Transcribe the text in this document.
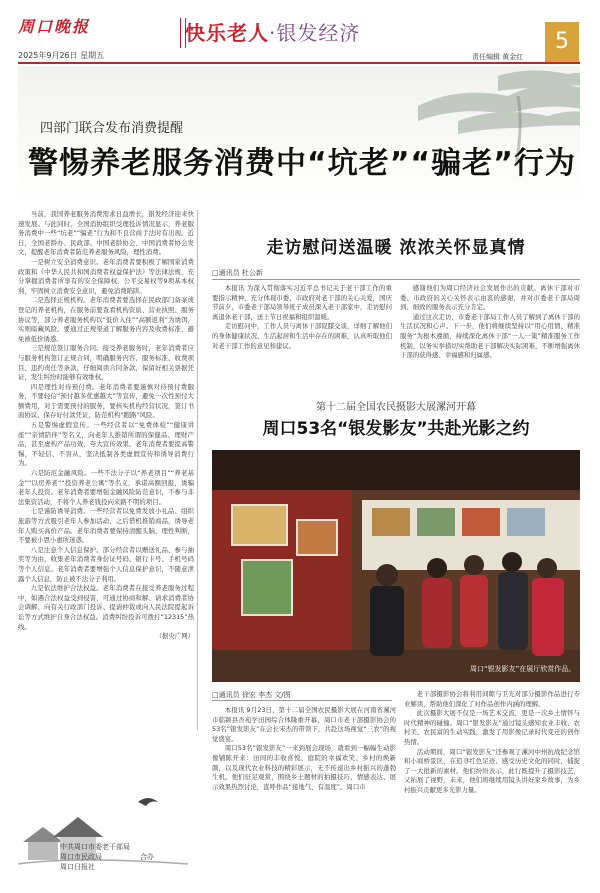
周口晚报
2025年9月26日 星期五
快乐老人·银发经济
责任编辑 黄金红
5
四部门联合发布消费提醒
警惕养老服务消费中“坑老”“骗老”行为

当前，我国养老服务消费需求日益增长，银发经济迎来快速发展。与此同时，全国消协组织受理投诉情况显示，养老服务消费中一些“坑老”“骗老”行为和不良营商手法时有出现。近日，全国老龄办、民政部、中国老龄协会、中国消费者协会发文，提醒老年消费者防范养老服务风险，理性消费。

一是树立安全消费意识。老年消费者要积极了解国家消费政策和《中华人民共和国消费者权益保护法》等法律法规，充分掌握消费者所享有的安全保障权、公平交易权等9项基本权利，牢固树立消费安全意识，避免消费陷阱。

二是选择正规机构。老年消费者要选择在民政部门备案或登记的养老机构，在服务前要查看机构资质、营业执照、服务协议等，部分养老服务机构以“低价入住”“高额返利”为诱饵，实则暗藏风险。要通过正规渠道了解服务内容及收费标准，避免被低价诱惑。

三是规范签订服务合同。接受养老服务时，老年消费者应与服务机构签订正规合同，明确服务内容、服务标准、收费项目、违约责任等条款，仔细阅读合同条款，保留好相关票据凭证，发生纠纷时能够有效维权。

四是理性对待预付费。老年消费者要谨慎对待预付费服务，不要轻信“预付越多优惠越大”等宣传，避免一次性预付大额费用，对于需要预付的服务，要核实机构经营状况，签订书面协议，保存好付款凭证，防范机构“跑路”风险。

五是警惕虚假宣传。一些经营者以“免费体检”“健康讲座”“亲情陪伴”等名义，向老年人推销所谓的保健品、理财产品，甚至虚构产品功效，夸大宣传效果。老年消费者要提高警惕，不轻信、不盲从，坚决抵制各类虚假宣传和诱导消费行为。

六是防范金融风险。一些不法分子以“养老项目”“养老基金”“以房养老”“投资养老公寓”等名义，承诺高额回报，诱骗老年人投资。老年消费者要增强金融风险防范意识，不参与非法集资活动，不将个人养老钱投向来路不明的项目。

七是谨防诱导消费。一些经营者以免费发放小礼品、组织旅游等方式吸引老年人参加活动，之后借机推销商品，诱导老年人购买高价产品。老年消费者要保持清醒头脑，理性判断，不要被小恩小惠所迷惑。

八是注意个人信息保护。部分经营者以赠送礼品、参与抽奖等为由，收集老年消费者身份证号码、银行卡号、手机号码等个人信息。老年消费者要增强个人信息保护意识，不随意泄露个人信息，防止被不法分子利用。

九是依法维护合法权益。老年消费者在接受养老服务过程中，如遇合法权益受到侵害，可通过协商和解、请求消费者协会调解、向有关行政部门投诉、提请仲裁或向人民法院提起诉讼等方式维护自身合法权益。消费纠纷投诉可拨打“12315”热线。

（据央广网）

走访慰问送温暖 浓浓关怀显真情
□通讯员 杜公新

本报讯 为深入贯彻落实习近平总书记关于老干部工作的重要指示精神，充分体现市委、市政府对老干部的关心关爱，国庆节前夕，市委老干部局领导班子成员深入老干部家中，走访慰问离退休老干部，送上节日祝福和组织温暖。

走访慰问中，工作人员与离休干部促膝交谈，详细了解他们的身体健康状况、生活起居和生活中存在的困难，认真听取他们对老干部工作的意见和建议。

感谢他们为周口经济社会发展作出的贡献。离休干部对市委、市政府的关心关怀表示由衷的感谢，并对市委老干部局周到、细致的服务表示充分肯定。

通过这次走访，市委老干部局工作人员了解到了离休干部的生活状况和心声。下一步，他们将继续坚持以“用心用情、精准服务”为根本遵循，持续深化离休干部“一人一策”精准服务工作机制，以务实举措切实帮助老干部解决实际困难，不断增强离休干部的获得感、幸福感和归属感。

第十二届全国农民摄影大展漯河开幕
周口53名“银发影友”共赴光影之约
周口“银发影友”在展厅欣赏作品。
□通讯员 徐宏 李杰 文/图

本报讯 9月23日，第十二届全国农民摄影大展在河南省漯河市临颍县杏苑学田园综合体隆重开幕，周口市老干部摄影协会的53名“银发影友”在会长宋杰的带领下，共赴这场视觉“三农”的视觉盛宴。

周口53名“银发影友”一来到展会现场，就看到一幅幅生动影像铺陈开来：田间的丰收喜悦、庭院的幸福欢笑、乡村的焕新颜，以及现代农业科技的精彩展示，无不传递出乡村振兴的蓬勃生机。他们驻足观赏，围绕乡土题材的拍摄技巧、情感表达、展示效果热烈讨论，直呼作品“接地气、有温度”。周口市

老干部摄影协会将利用间隙与卫光对部分摄影作品进行专业解读，帮助他们深化了对作品创作内涵的理解。

此次摄影大展不仅是一场艺术交流，更是一次乡土情怀与时代精神的碰撞。周口“银发影友”通过镜头感知农业丰收、农村美、农民富的生动实践，激发了用影像记录时代变迁的创作热情。

活动期间，周口“银发影友”还参观了漯河中州抗战纪念馆和小商桥景区，在追寻红色足迹、感受历史文化的同时，捕捉了一大批新的素材。他们纷纷表示，此行既提升了摄影技艺，又拓展了视野，未来，他们将继续用镜头讲好家乡故事，为乡村振兴贡献更多光影力量。

中共周口市委老干部局
周口市民政局
周口日报社
合办
